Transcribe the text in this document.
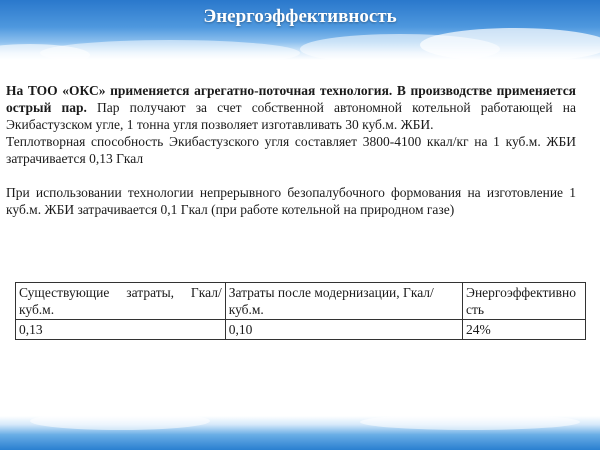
Энергоэффективность

На ТОО «ОКС» применяется агрегатно-поточная технология. В производстве применяется острый пар. Пар получают за счет собственной автономной котельной работающей на Экибастузском угле, 1 тонна угля позволяет изготавливать 30 куб.м. ЖБИ.

Теплотворная способность Экибастузского угля составляет 3800-4100 ккал/кг на 1 куб.м. ЖБИ затрачивается 0,13 Гкал

При использовании технологии непрерывного безопалубочного формования на изготовление 1 куб.м. ЖБИ затрачивается 0,1 Гкал (при работе котельной на природном газе)

Существующие затраты, Гкал/куб.м.	Затраты после модернизации, Гкал/куб.м.	Энергоэффективность
0,13	0,10	24%
